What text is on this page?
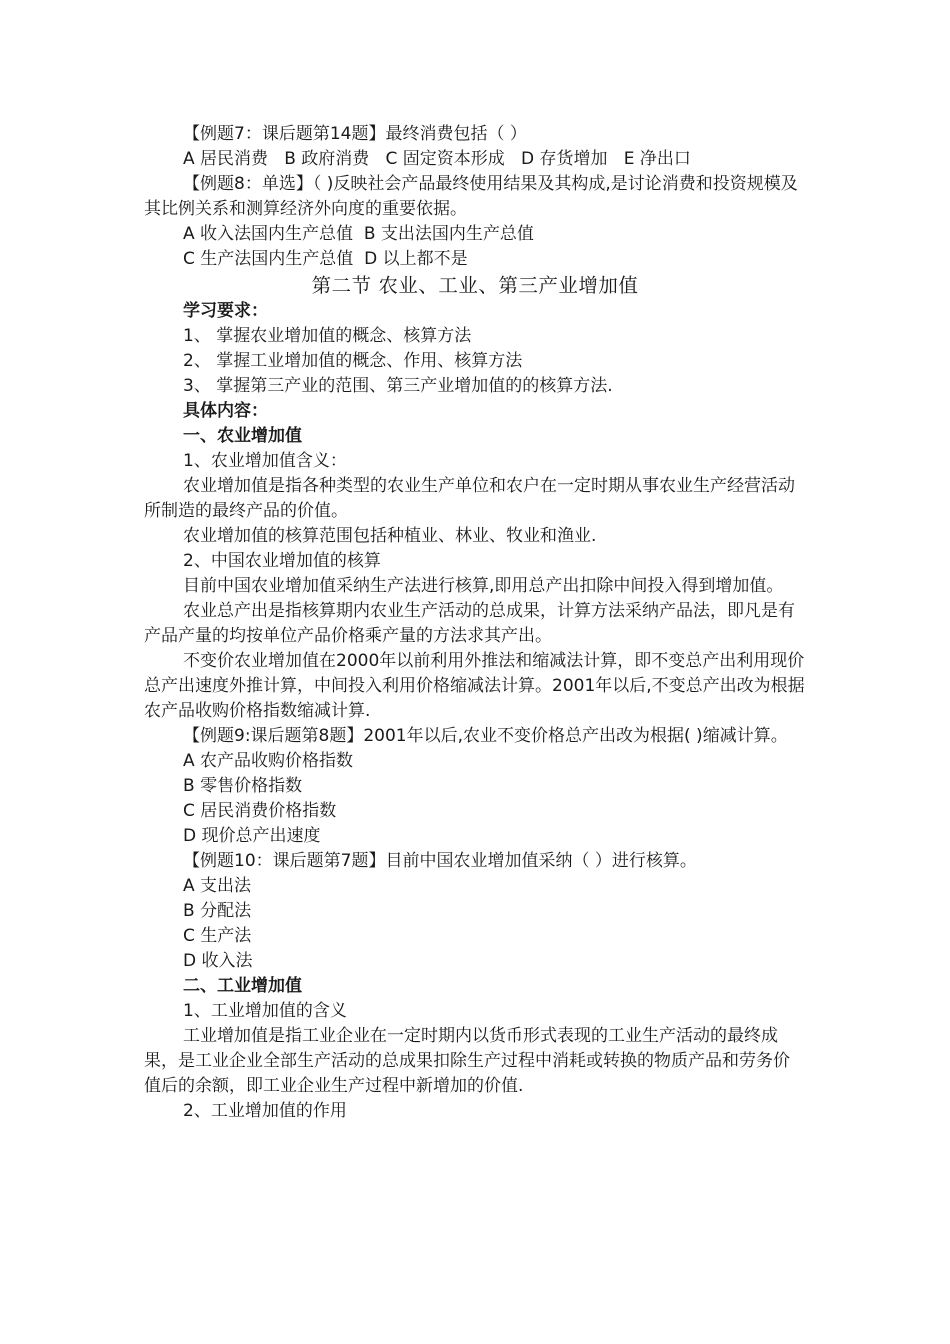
【例题7：课后题第14题】最终消费包括（ ）

A 居民消费   B 政府消费   C 固定资本形成   D 存货增加   E 净出口

【例题8：单选】（ )反映社会产品最终使用结果及其构成,是讨论消费和投资规模及其比例关系和测算经济外向度的重要依据。

A 收入法国内生产总值  B 支出法国内生产总值

C 生产法国内生产总值  D 以上都不是

第二节 农业、工业、第三产业增加值

学习要求：

1、 掌握农业增加值的概念、核算方法

2、 掌握工业增加值的概念、作用、核算方法

3、 掌握第三产业的范围、第三产业增加值的的核算方法.

具体内容：

一、农业增加值

1、农业增加值含义：

农业增加值是指各种类型的农业生产单位和农户在一定时期从事农业生产经营活动所制造的最终产品的价值。

农业增加值的核算范围包括种植业、林业、牧业和渔业.

2、中国农业增加值的核算

目前中国农业增加值采纳生产法进行核算,即用总产出扣除中间投入得到增加值。

农业总产出是指核算期内农业生产活动的总成果，计算方法采纳产品法，即凡是有产品产量的均按单位产品价格乘产量的方法求其产出。

不变价农业增加值在2000年以前利用外推法和缩减法计算，即不变总产出利用现价总产出速度外推计算，中间投入利用价格缩减法计算。2001年以后,不变总产出改为根据农产品收购价格指数缩减计算.

【例题9:课后题第8题】2001年以后,农业不变价格总产出改为根据( )缩减计算。

A 农产品收购价格指数

B 零售价格指数

C 居民消费价格指数

D 现价总产出速度

【例题10：课后题第7题】目前中国农业增加值采纳（ ）进行核算。

A 支出法

B 分配法

C 生产法

D 收入法

二、工业增加值

1、工业增加值的含义

工业增加值是指工业企业在一定时期内以货币形式表现的工业生产活动的最终成果，是工业企业全部生产活动的总成果扣除生产过程中消耗或转换的物质产品和劳务价值后的余额，即工业企业生产过程中新增加的价值.

2、工业增加值的作用
